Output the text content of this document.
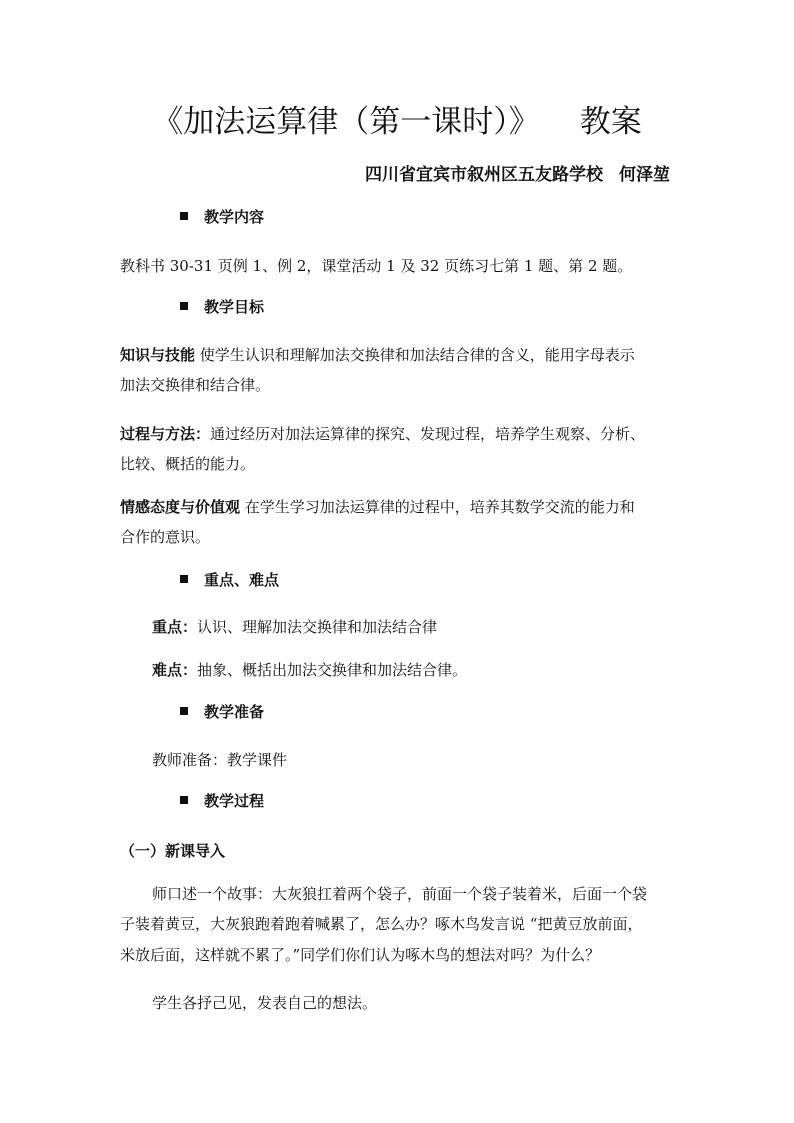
《加法运算律（第一课时）》 教案
四川省宜宾市叙州区五友路学校 何泽堃
教学内容
教科书 30-31 页例 1、例 2，课堂活动 1 及 32 页练习七第 1 题、第 2 题。
教学目标
知识与技能 使学生认识和理解加法交换律和加法结合律的含义，能用字母表示
加法交换律和结合律。
过程与方法：通过经历对加法运算律的探究、发现过程，培养学生观察、分析、
比较、概括的能力。
情感态度与价值观 在学生学习加法运算律的过程中，培养其数学交流的能力和
合作的意识。
重点、难点
重点：认识、理解加法交换律和加法结合律
难点：抽象、概括出加法交换律和加法结合律。
教学准备
教师准备：教学课件
教学过程
（一）新课导入
师口述一个故事：大灰狼扛着两个袋子，前面一个袋子装着米，后面一个袋
子装着黄豆，大灰狼跑着跑着喊累了，怎么办？啄木鸟发言说 “把黄豆放前面，
米放后面，这样就不累了。”同学们你们认为啄木鸟的想法对吗？为什么？
学生各抒己见，发表自己的想法。
